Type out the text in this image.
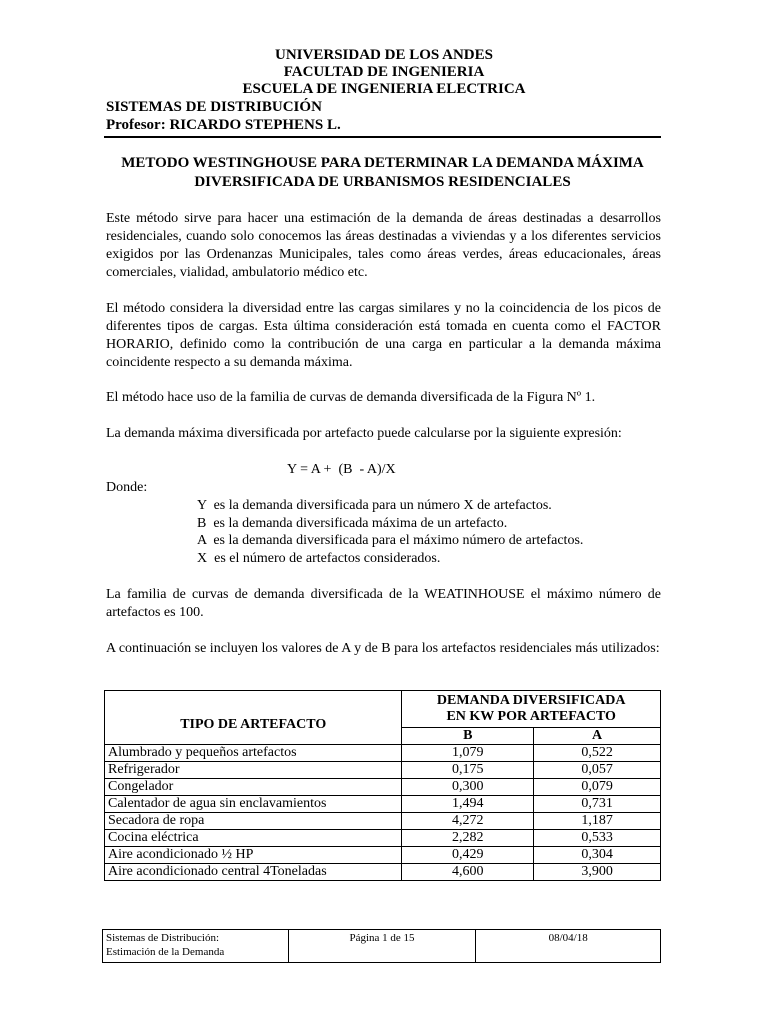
UNIVERSIDAD DE LOS ANDES
FACULTAD DE INGENIERIA
ESCUELA DE INGENIERIA ELECTRICA
SISTEMAS DE DISTRIBUCIÓN
Profesor: RICARDO STEPHENS L.
METODO WESTINGHOUSE PARA DETERMINAR LA DEMANDA MÁXIMA
DIVERSIFICADA DE URBANISMOS RESIDENCIALES
Este método sirve para hacer una estimación de la demanda de áreas destinadas a desarrollos residenciales, cuando solo conocemos las áreas destinadas a viviendas y a los diferentes servicios exigidos por las Ordenanzas Municipales, tales como áreas verdes, áreas educacionales, áreas comerciales, vialidad, ambulatorio médico etc.
El método considera la diversidad entre las cargas similares y no la coincidencia de los picos de diferentes tipos de cargas. Esta última consideración está tomada en cuenta como el FACTOR HORARIO, definido como la contribución de una carga en particular a la demanda máxima coincidente respecto a su demanda máxima.
El método hace uso de la familia de curvas de demanda diversificada de la Figura Nº 1.
La demanda máxima diversificada por artefacto puede calcularse por la siguiente expresión:
Y = A +  (B  - A)/X
Donde:
Y  es la demanda diversificada para un número X de artefactos.
B  es la demanda diversificada máxima de un artefacto.
A  es la demanda diversificada para el máximo número de artefactos.
X  es el número de artefactos considerados.
La familia de curvas de demanda diversificada de la WEATINHOUSE el máximo número de artefactos es 100.
A continuación se incluyen los valores de A y de B para los artefactos residenciales más utilizados:
TIPO DE ARTEFACTO	DEMANDA DIVERSIFICADA
EN KW POR ARTEFACTO	

	B	A
Alumbrado y pequeños artefactos	1,079	0,522
Refrigerador	0,175	0,057
Congelador	0,300	0,079
Calentador de agua sin enclavamientos	1,494	0,731
Secadora de ropa	4,272	1,187
Cocina eléctrica	2,282	0,533
Aire acondicionado ½ HP	0,429	0,304
Aire acondicionado central 4Toneladas	4,600	3,900
Sistemas de Distribución:
Estimación de la Demanda
	Página 1 de 15	08/04/18
